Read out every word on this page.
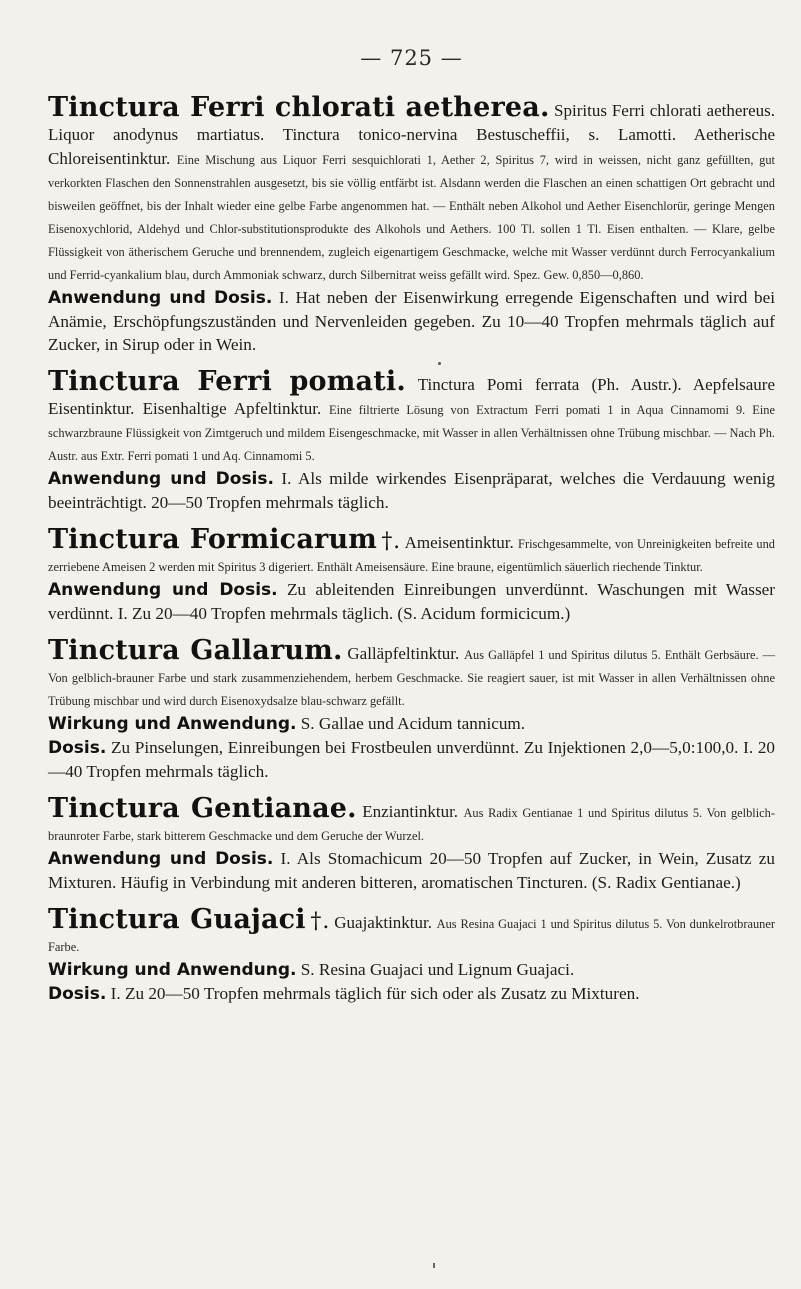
— 725 —

Tinctura Ferri chlorati aetherea. Spiritus Ferri chlorati aethereus. Liquor anodynus martiatus. Tinctura tonico-nervina Bestuscheffii, s. Lamotti. Aetherische Chloreisentinktur. Eine Mischung aus Liquor Ferri sesquichlorati 1, Aether 2, Spiritus 7, wird in weissen, nicht ganz gefüllten, gut verkorkten Flaschen den Sonnenstrahlen ausgesetzt, bis sie völlig entfärbt ist. Alsdann werden die Flaschen an einen schattigen Ort gebracht und bisweilen geöffnet, bis der Inhalt wieder eine gelbe Farbe angenommen hat. — Enthält neben Alkohol und Aether Eisenchlorür, geringe Mengen Eisenoxychlorid, Aldehyd und Chlor-substitutionsprodukte des Alkohols und Aethers. 100 Tl. sollen 1 Tl. Eisen enthalten. — Klare, gelbe Flüssigkeit von ätherischem Geruche und brennendem, zugleich eigenartigem Geschmacke, welche mit Wasser verdünnt durch Ferrocyankalium und Ferrid-cyankalium blau, durch Ammoniak schwarz, durch Silbernitrat weiss gefällt wird. Spez. Gew. 0,850—0,860.

Anwendung und Dosis. I. Hat neben der Eisenwirkung erregende Eigenschaften und wird bei Anämie, Erschöpfungszuständen und Nervenleiden gegeben. Zu 10—40 Tropfen mehrmals täglich auf Zucker, in Sirup oder in Wein.

Tinctura Ferri pomati. Tinctura Pomi ferrata (Ph. Austr.). Aepfelsaure Eisentinktur. Eisenhaltige Apfeltinktur. Eine filtrierte Lösung von Extractum Ferri pomati 1 in Aqua Cinnamomi 9. Eine schwarzbraune Flüssigkeit von Zimtgeruch und mildem Eisengeschmacke, mit Wasser in allen Verhältnissen ohne Trübung mischbar. — Nach Ph. Austr. aus Extr. Ferri pomati 1 und Aq. Cinnamomi 5.

Anwendung und Dosis. I. Als milde wirkendes Eisenpräparat, welches die Verdauung wenig beeinträchtigt. 20—50 Tropfen mehrmals täglich.

Tinctura Formicarum †. Ameisentinktur. Frischgesammelte, von Unreinigkeiten befreite und zerriebene Ameisen 2 werden mit Spiritus 3 digeriert. Enthält Ameisensäure. Eine braune, eigentümlich säuerlich riechende Tinktur.

Anwendung und Dosis. Zu ableitenden Einreibungen unverdünnt. Waschungen mit Wasser verdünnt. I. Zu 20—40 Tropfen mehrmals täglich. (S. Acidum formicicum.)

Tinctura Gallarum. Galläpfeltinktur. Aus Galläpfel 1 und Spiritus dilutus 5. Enthält Gerbsäure. — Von gelblich-brauner Farbe und stark zusammenziehendem, herbem Geschmacke. Sie reagiert sauer, ist mit Wasser in allen Verhältnissen ohne Trübung mischbar und wird durch Eisenoxydsalze blau-schwarz gefällt.

Wirkung und Anwendung. S. Gallae und Acidum tannicum.

Dosis. Zu Pinselungen, Einreibungen bei Frostbeulen unverdünnt. Zu Injektionen 2,0—5,0:100,0. I. 20—40 Tropfen mehrmals täglich.

Tinctura Gentianae. Enziantinktur. Aus Radix Gentianae 1 und Spiritus dilutus 5. Von gelblich-braunroter Farbe, stark bitterem Geschmacke und dem Geruche der Wurzel.

Anwendung und Dosis. I. Als Stomachicum 20—50 Tropfen auf Zucker, in Wein, Zusatz zu Mixturen. Häufig in Verbindung mit anderen bitteren, aromatischen Tincturen. (S. Radix Gentianae.)

Tinctura Guajaci †. Guajaktinktur. Aus Resina Guajaci 1 und Spiritus dilutus 5. Von dunkelrotbrauner Farbe.

Wirkung und Anwendung. S. Resina Guajaci und Lignum Guajaci.

Dosis. I. Zu 20—50 Tropfen mehrmals täglich für sich oder als Zusatz zu Mixturen.
